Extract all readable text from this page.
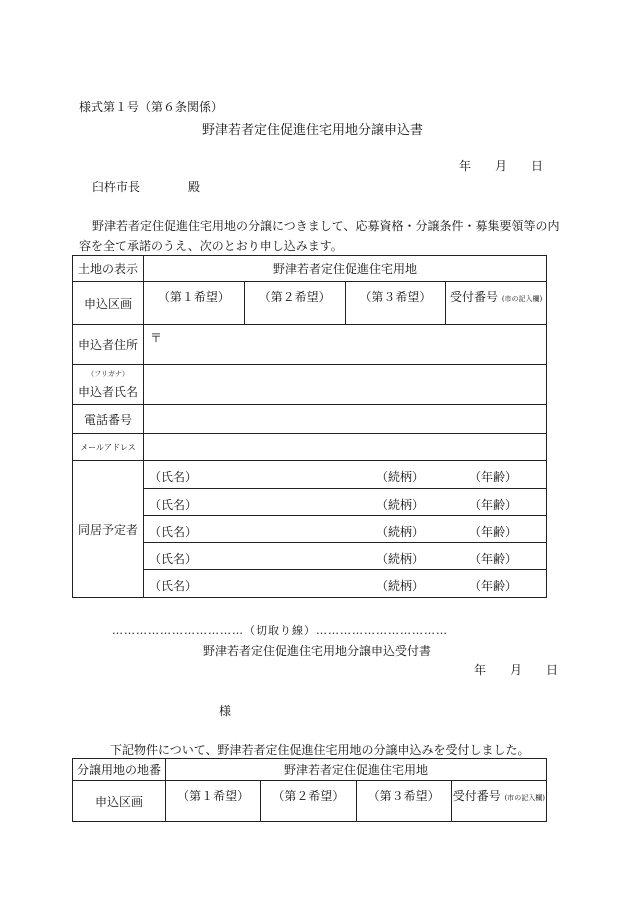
様式第１号（第６条関係）
野津若者定住促進住宅用地分譲申込書
年　　月　　日
臼杵市長　　　　殿
野津若者定住促進住宅用地の分譲につきまして、応募資格・分譲条件・募集要領等の内
容を全て承諾のうえ、次のとおり申し込みます。
土地の表示	野津若者定住促進住宅用地
申込区画	（第１希望） （第２希望） （第３希望） 受付番号 (市の記入欄)

申込者住所	〒

（フリガナ）
申込者氏名	

電話番号	
メールアドレス	
同居予定者	（氏名） （続柄） （年齢）

	（氏名） （続柄） （年齢）

	（氏名） （続柄） （年齢）

	（氏名） （続柄） （年齢）

	（氏名） （続柄） （年齢）
……………………………（切取り線）……………………………
野津若者定住促進住宅用地分譲申込受付書
年　　月　　日
様
下記物件について、野津若者定住促進住宅用地の分譲申込みを受付しました。
分譲用地の地番	野津若者定住促進住宅用地
申込区画	（第１希望） （第２希望） （第３希望） 受付番号 (市の記入欄)
